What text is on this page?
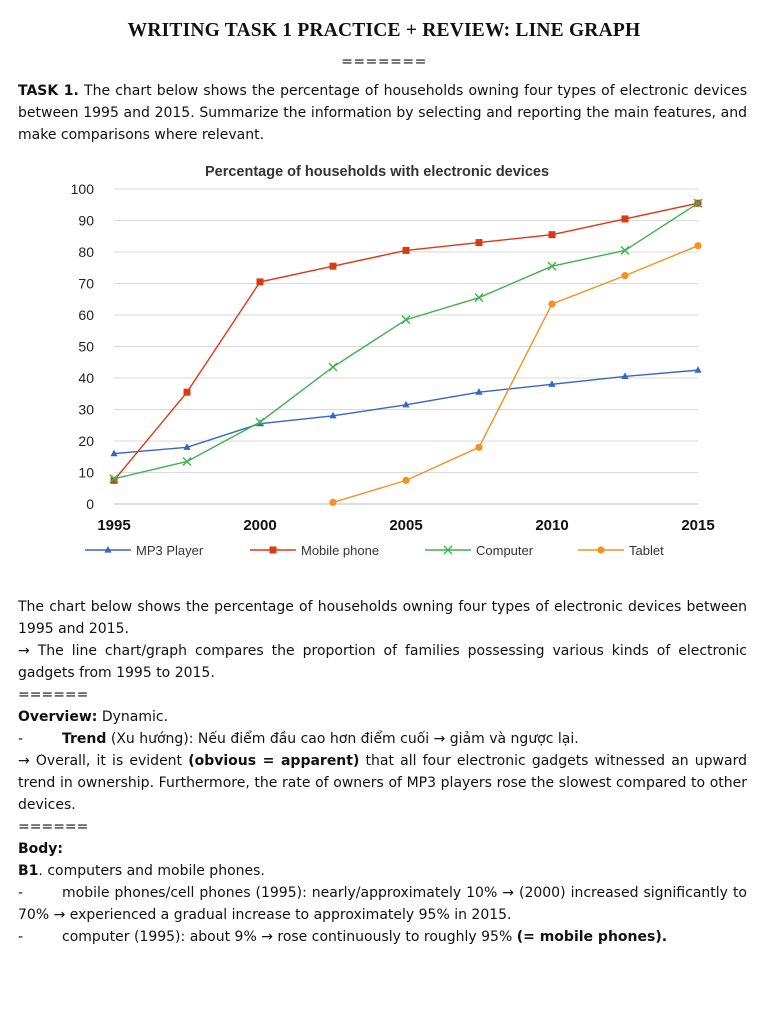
WRITING TASK 1 PRACTICE + REVIEW: LINE GRAPH
=======
TASK 1. The chart below shows the percentage of households owning four types of electronic devices between 1995 and 2015. Summarize the information by selecting and reporting the main features, and make comparisons where relevant.
Percentage of households with electronic devices
0
10
20
30
40
50
60
70
80
90
100
1995	2000	2005	2010	2015
MP3 Player	Mobile phone	Computer	Tablet

The chart below shows the percentage of households owning four types of electronic devices between 1995 and 2015.

→ The line chart/graph compares the proportion of families possessing various kinds of electronic gadgets from 1995 to 2015.

======

Overview: Dynamic.

-	Trend (Xu hướng): Nếu điểm đầu cao hơn điểm cuối → giảm và ngược lại.

→ Overall, it is evident (obvious = apparent) that all four electronic gadgets witnessed an upward trend in ownership. Furthermore, the rate of owners of MP3 players rose the slowest compared to other devices.

======

Body:

B1. computers and mobile phones.

-	mobile phones/cell phones (1995): nearly/approximately 10% → (2000) increased significantly to 70% → experienced a gradual increase to approximately 95% in 2015.

-	computer (1995): about 9% → rose continuously to roughly 95% (= mobile phones).
